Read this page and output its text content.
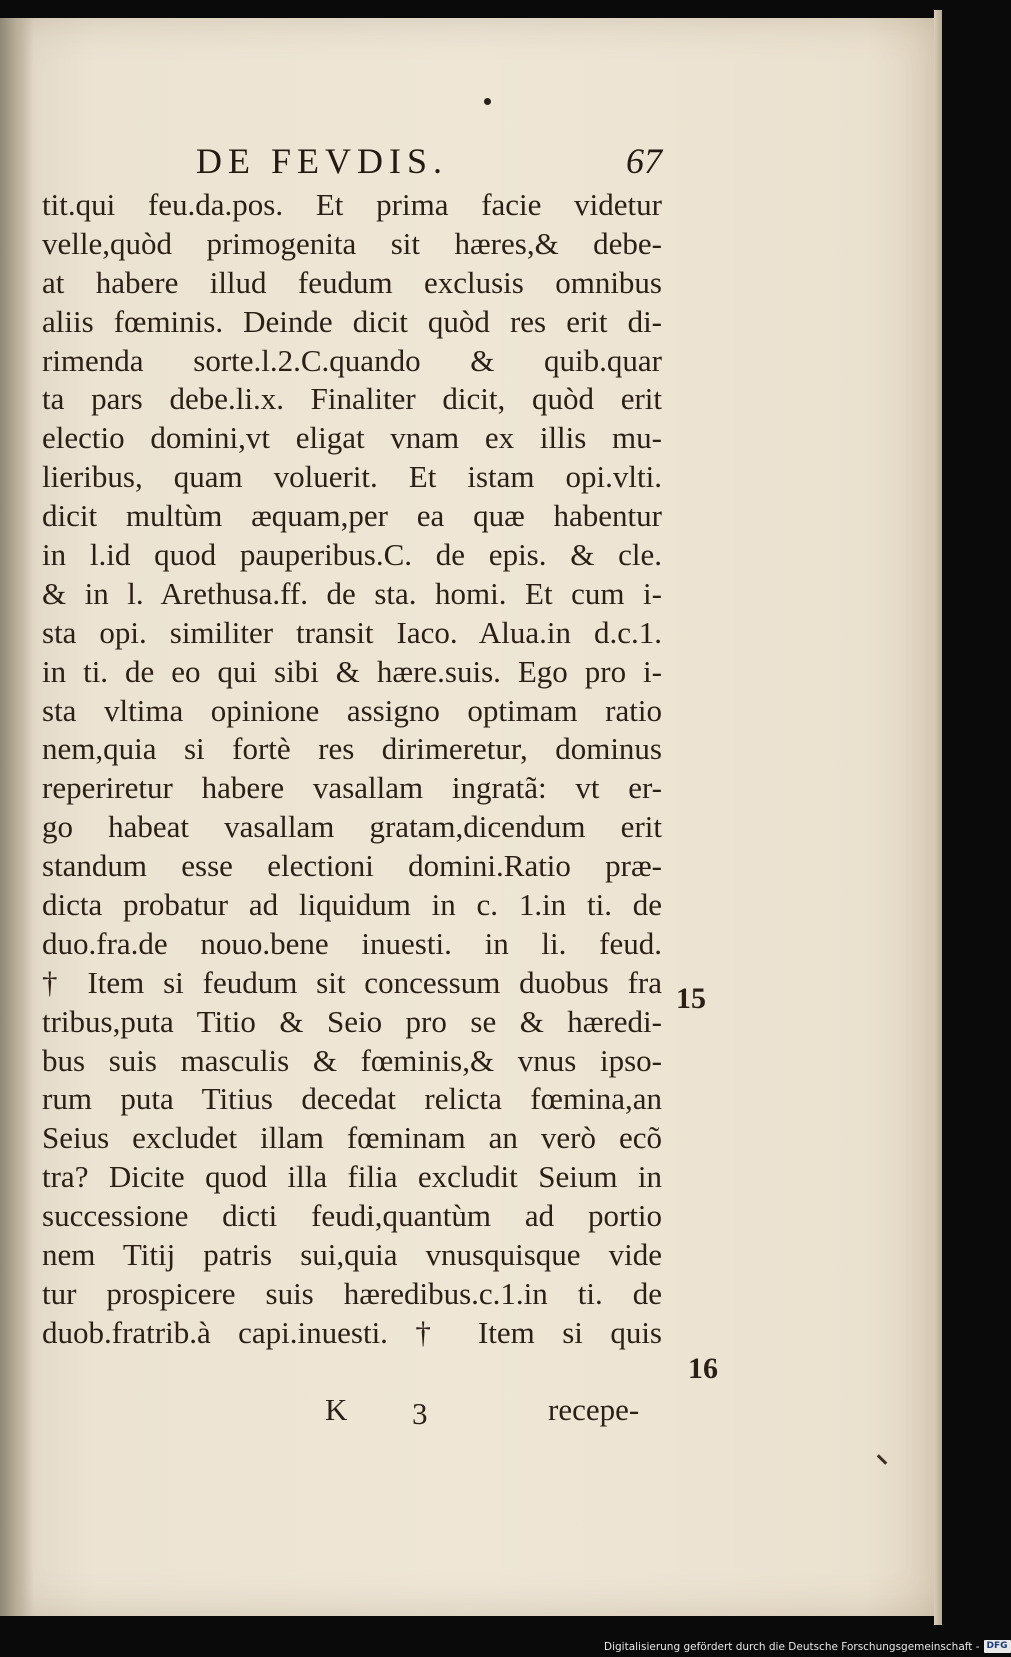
DE FEVDIS.	67
tit.qui feu.da.pos. Et prima facie videtur
velle,quòd primogenita sit hæres,& debe-
at habere illud feudum exclusis omnibus
aliis fœminis. Deinde dicit quòd res erit di-
rimenda sorte.l.2.C.quando & quib.quar
ta pars debe.li.x. Finaliter dicit, quòd erit
electio domini,vt eligat vnam ex illis mu-
lieribus, quam voluerit. Et istam opi.vlti.
dicit multùm æquam,per ea quæ habentur
in l.id quod pauperibus.C. de epis. & cle.
& in l. Arethusa.ff. de sta. homi. Et cum i-
sta opi. similiter transit Iaco. Alua.in d.c.1.
in ti. de eo qui sibi & hære.suis. Ego pro i-
sta vltima opinione assigno optimam ratio
nem,quia si fortè res dirimeretur, dominus
reperiretur habere vasallam ingratã: vt er-
go habeat vasallam gratam,dicendum erit
standum esse electioni domini.Ratio præ-
dicta probatur ad liquidum in c. 1.in ti. de
duo.fra.de nouo.bene inuesti. in li. feud.
† Item si feudum sit concessum duobus fra
tribus,puta Titio & Seio pro se & hæredi-
bus suis masculis & fœminis,& vnus ipso-
rum puta Titius decedat relicta fœmina,an
Seius excludet illam fœminam an verò ecõ
tra? Dicite quod illa filia excludit Seium in
successione dicti feudi,quantùm ad portio
nem Titij patris sui,quia vnusquisque vide
tur prospicere suis hæredibus.c.1.in ti. de
duob.fratrib.à capi.inuesti. † Item si quis
15
16
K 3	recepe-
Digitalisierung gefördert durch die Deutsche Forschungsgemeinschaft - DFG
